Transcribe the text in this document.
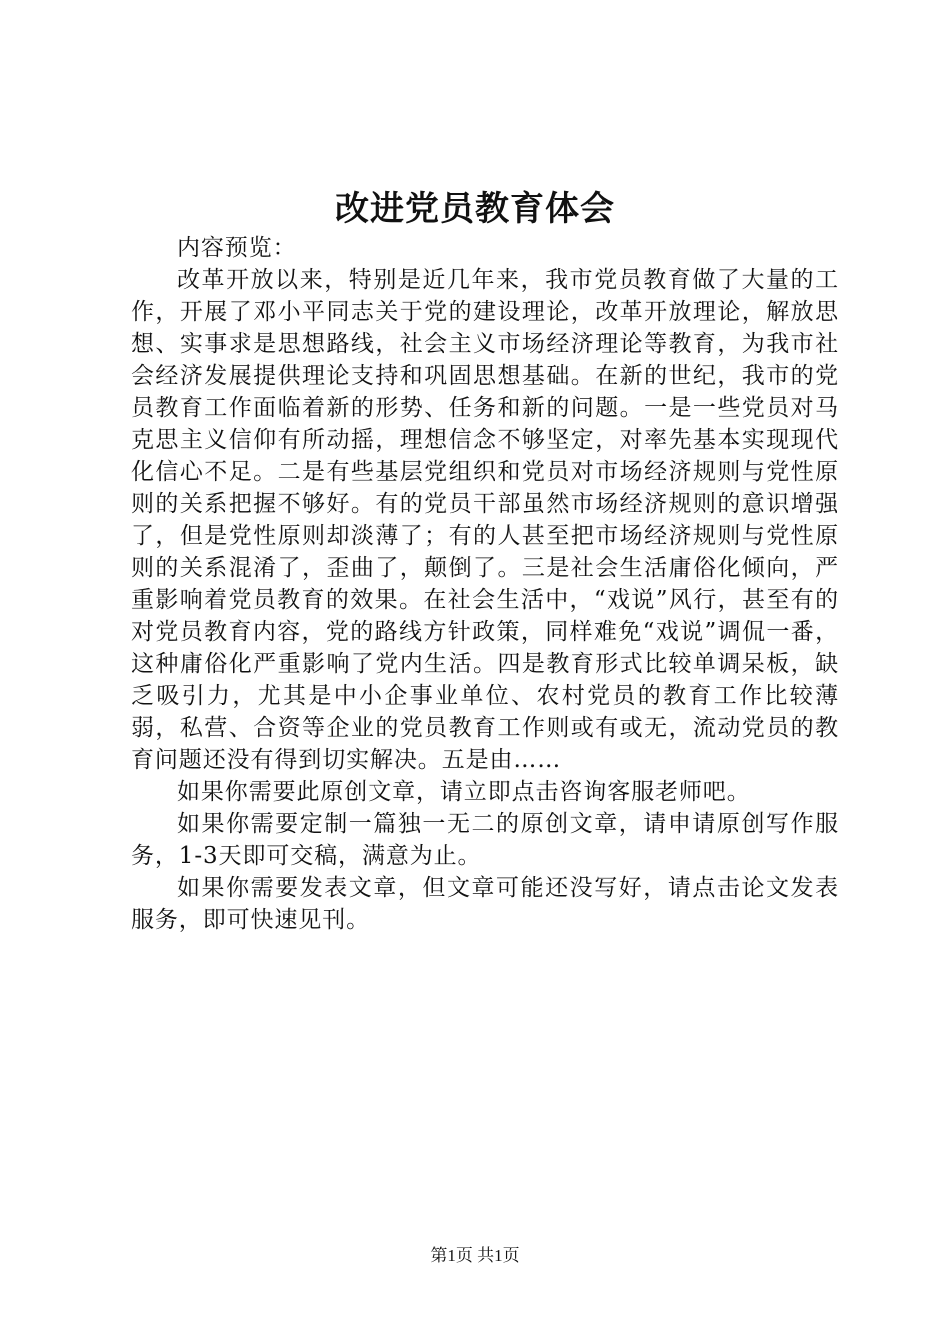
改进党员教育体会

内容预览：

改革开放以来，特别是近几年来，我市党员教育做了大量的工作，开展了邓小平同志关于党的建设理论，改革开放理论，解放思想、实事求是思想路线，社会主义市场经济理论等教育，为我市社会经济发展提供理论支持和巩固思想基础。在新的世纪，我市的党员教育工作面临着新的形势、任务和新的问题。一是一些党员对马克思主义信仰有所动摇，理想信念不够坚定，对率先基本实现现代化信心不足。二是有些基层党组织和党员对市场经济规则与党性原则的关系把握不够好。有的党员干部虽然市场经济规则的意识增强了，但是党性原则却淡薄了；有的人甚至把市场经济规则与党性原则的关系混淆了，歪曲了，颠倒了。三是社会生活庸俗化倾向，严重影响着党员教育的效果。在社会生活中，“戏说”风行，甚至有的对党员教育内容，党的路线方针政策，同样难免“戏说”调侃一番，这种庸俗化严重影响了党内生活。四是教育形式比较单调呆板，缺乏吸引力，尤其是中小企事业单位、农村党员的教育工作比较薄弱，私营、合资等企业的党员教育工作则或有或无，流动党员的教育问题还没有得到切实解决。五是由……

如果你需要此原创文章，请立即点击咨询客服老师吧。

如果你需要定制一篇独一无二的原创文章，请申请原创写作服务，1-3天即可交稿，满意为止。

如果你需要发表文章，但文章可能还没写好，请点击论文发表服务，即可快速见刊。

第1页 共1页
